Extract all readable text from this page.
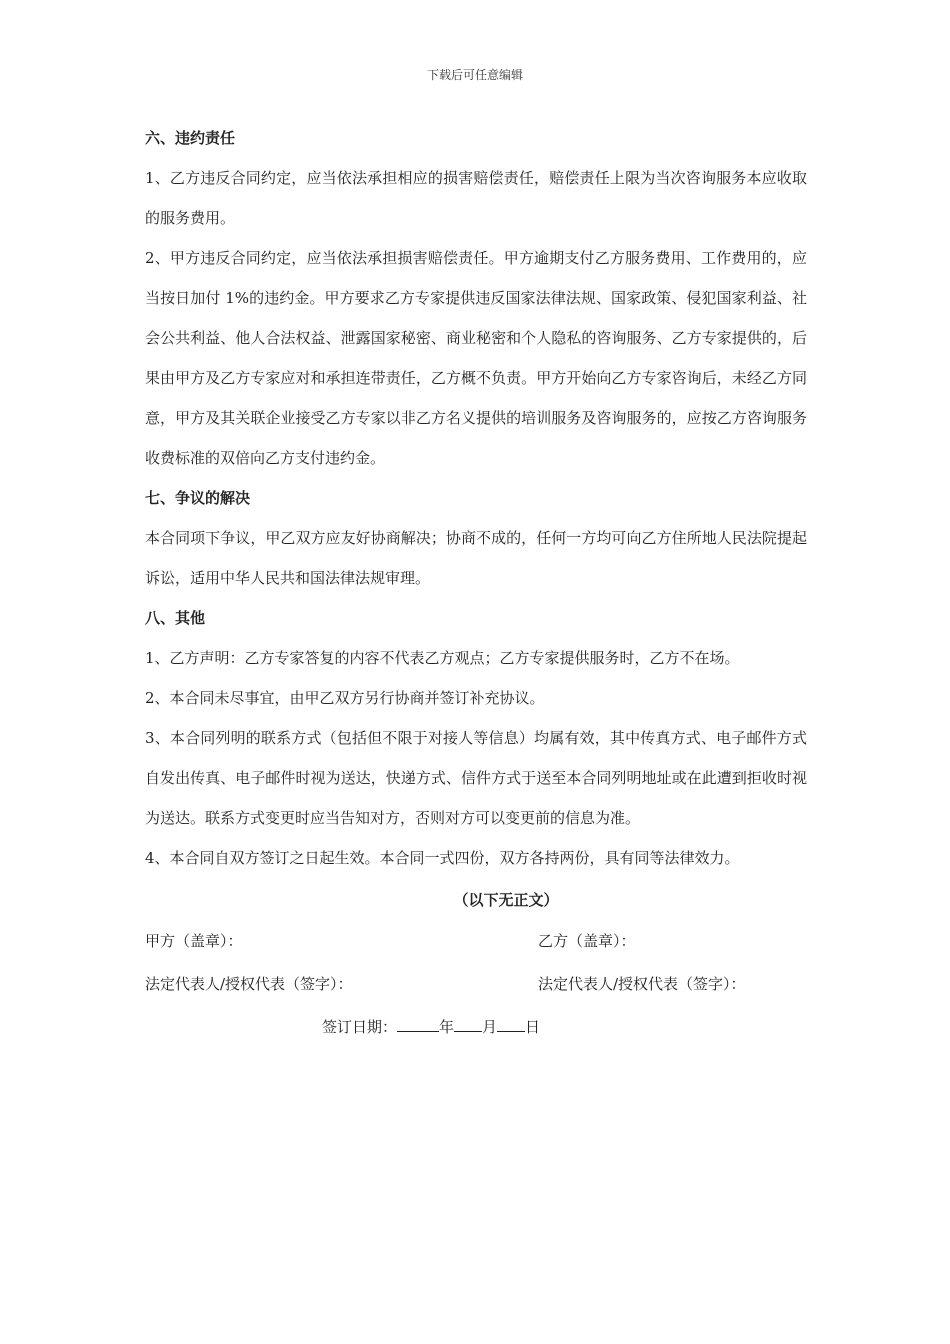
下载后可任意编辑
六、违约责任

1、乙方违反合同约定，应当依法承担相应的损害赔偿责任，赔偿责任上限为当次咨询服务本应收取的服务费用。

2、甲方违反合同约定，应当依法承担损害赔偿责任。甲方逾期支付乙方服务费用、工作费用的，应当按日加付 1%的违约金。甲方要求乙方专家提供违反国家法律法规、国家政策、侵犯国家利益、社会公共利益、他人合法权益、泄露国家秘密、商业秘密和个人隐私的咨询服务、乙方专家提供的，后果由甲方及乙方专家应对和承担连带责任，乙方概不负责。甲方开始向乙方专家咨询后，未经乙方同意，甲方及其关联企业接受乙方专家以非乙方名义提供的培训服务及咨询服务的，应按乙方咨询服务收费标准的双倍向乙方支付违约金。

七、争议的解决

本合同项下争议，甲乙双方应友好协商解决；协商不成的，任何一方均可向乙方住所地人民法院提起诉讼，适用中华人民共和国法律法规审理。

八、其他

1、乙方声明：乙方专家答复的内容不代表乙方观点；乙方专家提供服务时，乙方不在场。

2、本合同未尽事宜，由甲乙双方另行协商并签订补充协议。

3、本合同列明的联系方式（包括但不限于对接人等信息）均属有效，其中传真方式、电子邮件方式自发出传真、电子邮件时视为送达，快递方式、信件方式于送至本合同列明地址或在此遭到拒收时视为送达。联系方式变更时应当告知对方，否则对方可以变更前的信息为准。

4、本合同自双方签订之日起生效。本合同一式四份，双方各持两份，具有同等法律效力。

（以下无正文）
甲方（盖章）：	乙方（盖章）：
法定代表人/授权代表（签字）：	法定代表人/授权代表（签字）：
签订日期：	年 月 日
